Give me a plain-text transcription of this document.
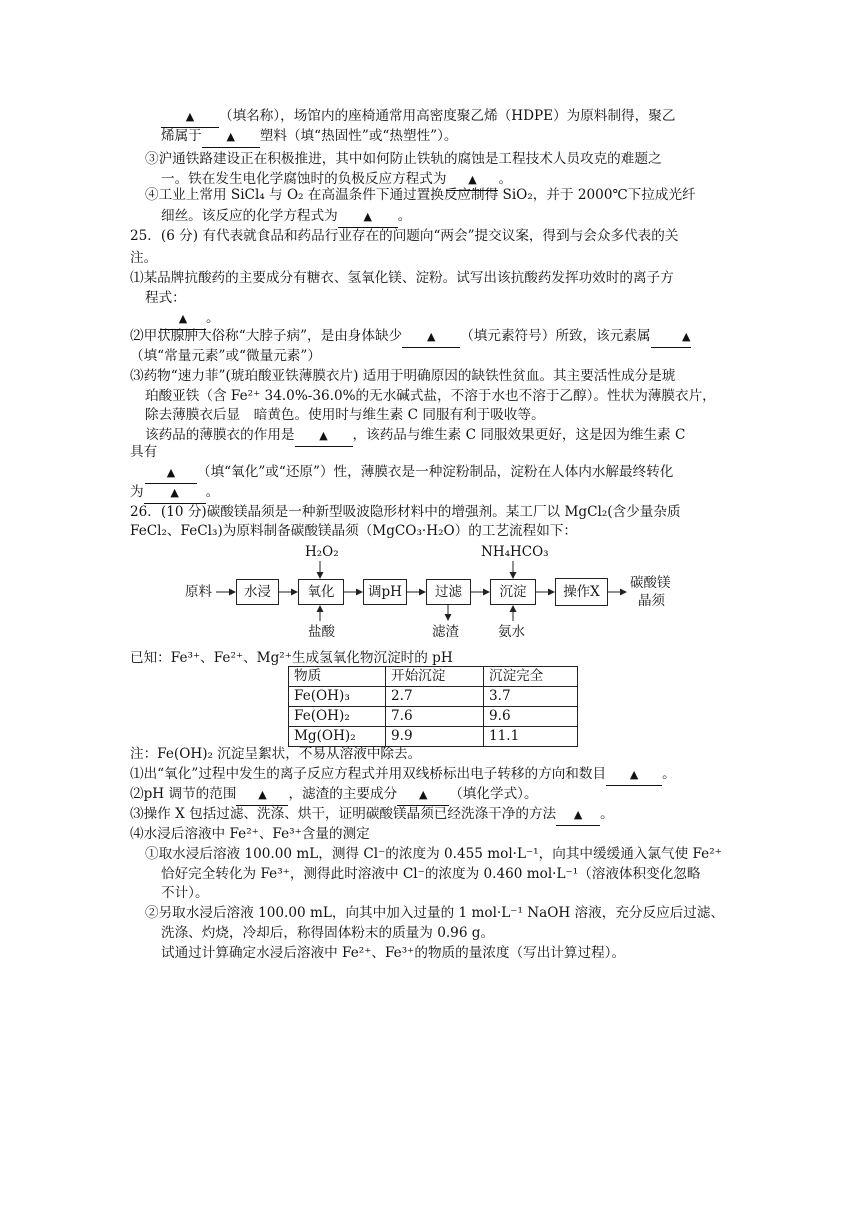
▲ （填名称），场馆内的座椅通常用高密度聚乙烯（HDPE）为原料制得，聚乙
烯属于 ▲ 塑料（填“热固性”或“热塑性”）。
③沪通铁路建设正在积极推进，其中如何防止铁轨的腐蚀是工程技术人员攻克的难题之
一。铁在发生电化学腐蚀时的负极反应方程式为 ▲ 。
④工业上常用 SiCl₄ 与 O₂ 在高温条件下通过置换反应制得 SiO₂，并于 2000℃下拉成光纤
细丝。该反应的化学方程式为 ▲ 。
25．(6 分) 有代表就食品和药品行业存在的问题向“两会”提交议案，得到与会众多代表的关
注。
⑴某品牌抗酸药的主要成分有糖衣、氢氧化镁、淀粉。试写出该抗酸药发挥功效时的离子方
程式：
▲ 。
⑵甲状腺肿大俗称“大脖子病”，是由身体缺少 ▲ （填元素符号）所致，该元素属	▲
（填“常量元素”或“微量元素”）
⑶药物“速力菲”(琥珀酸亚铁薄膜衣片) 适用于明确原因的缺铁性贫血。其主要活性成分是琥
珀酸亚铁（含 Fe²⁺ 34.0%-36.0%的无水碱式盐，不溶于水也不溶于乙醇）。性状为薄膜衣片，
除去薄膜衣后显　暗黄色。使用时与维生素 C 同服有利于吸收等。
该药品的薄膜衣的作用是 ▲ ，该药品与维生素 C 同服效果更好，这是因为维生素 C
具有
▲ （填“氧化”或“还原”）性，薄膜衣是一种淀粉制品，淀粉在人体内水解最终转化
为 ▲ 。
26．(10 分)碳酸镁晶须是一种新型吸波隐形材料中的增强剂。某工厂以 MgCl₂(含少量杂质
FeCl₂、FeCl₃)为原料制备碳酸镁晶须（MgCO₃·H₂O）的工艺流程如下：
原料	水浸	氧化	调pH	过滤	沉淀	操作X
碳酸镁
晶须
H₂O₂	NH₄HCO₃
盐酸	滤渣	氨水
已知：Fe³⁺、Fe²⁺、Mg²⁺生成氢氧化物沉淀时的 pH
物质	开始沉淀	沉淀完全
Fe(OH)₃	2.7	3.7
Fe(OH)₂	7.6	9.6
Mg(OH)₂	9.9	11.1
注：Fe(OH)₂ 沉淀呈絮状，不易从溶液中除去。
⑴出“氧化”过程中发生的离子反应方程式并用双线桥标出电子转移的方向和数目 ▲ 。
⑵pH 调节的范围 ▲ ，滤渣的主要成分 ▲ （填化学式）。
⑶操作 X 包括过滤、洗涤、烘干，证明碳酸镁晶须已经洗涤干净的方法 ▲ 。
⑷水浸后溶液中 Fe²⁺、Fe³⁺含量的测定
①取水浸后溶液 100.00 mL，测得 Cl⁻的浓度为 0.455 mol·L⁻¹，向其中缓缓通入氯气使 Fe²⁺
恰好完全转化为 Fe³⁺，测得此时溶液中 Cl⁻的浓度为 0.460 mol·L⁻¹（溶液体积变化忽略
不计）。
②另取水浸后溶液 100.00 mL，向其中加入过量的 1 mol·L⁻¹ NaOH 溶液，充分反应后过滤、
洗涤、灼烧，冷却后，称得固体粉末的质量为 0.96 g。
试通过计算确定水浸后溶液中 Fe²⁺、Fe³⁺的物质的量浓度（写出计算过程）。
